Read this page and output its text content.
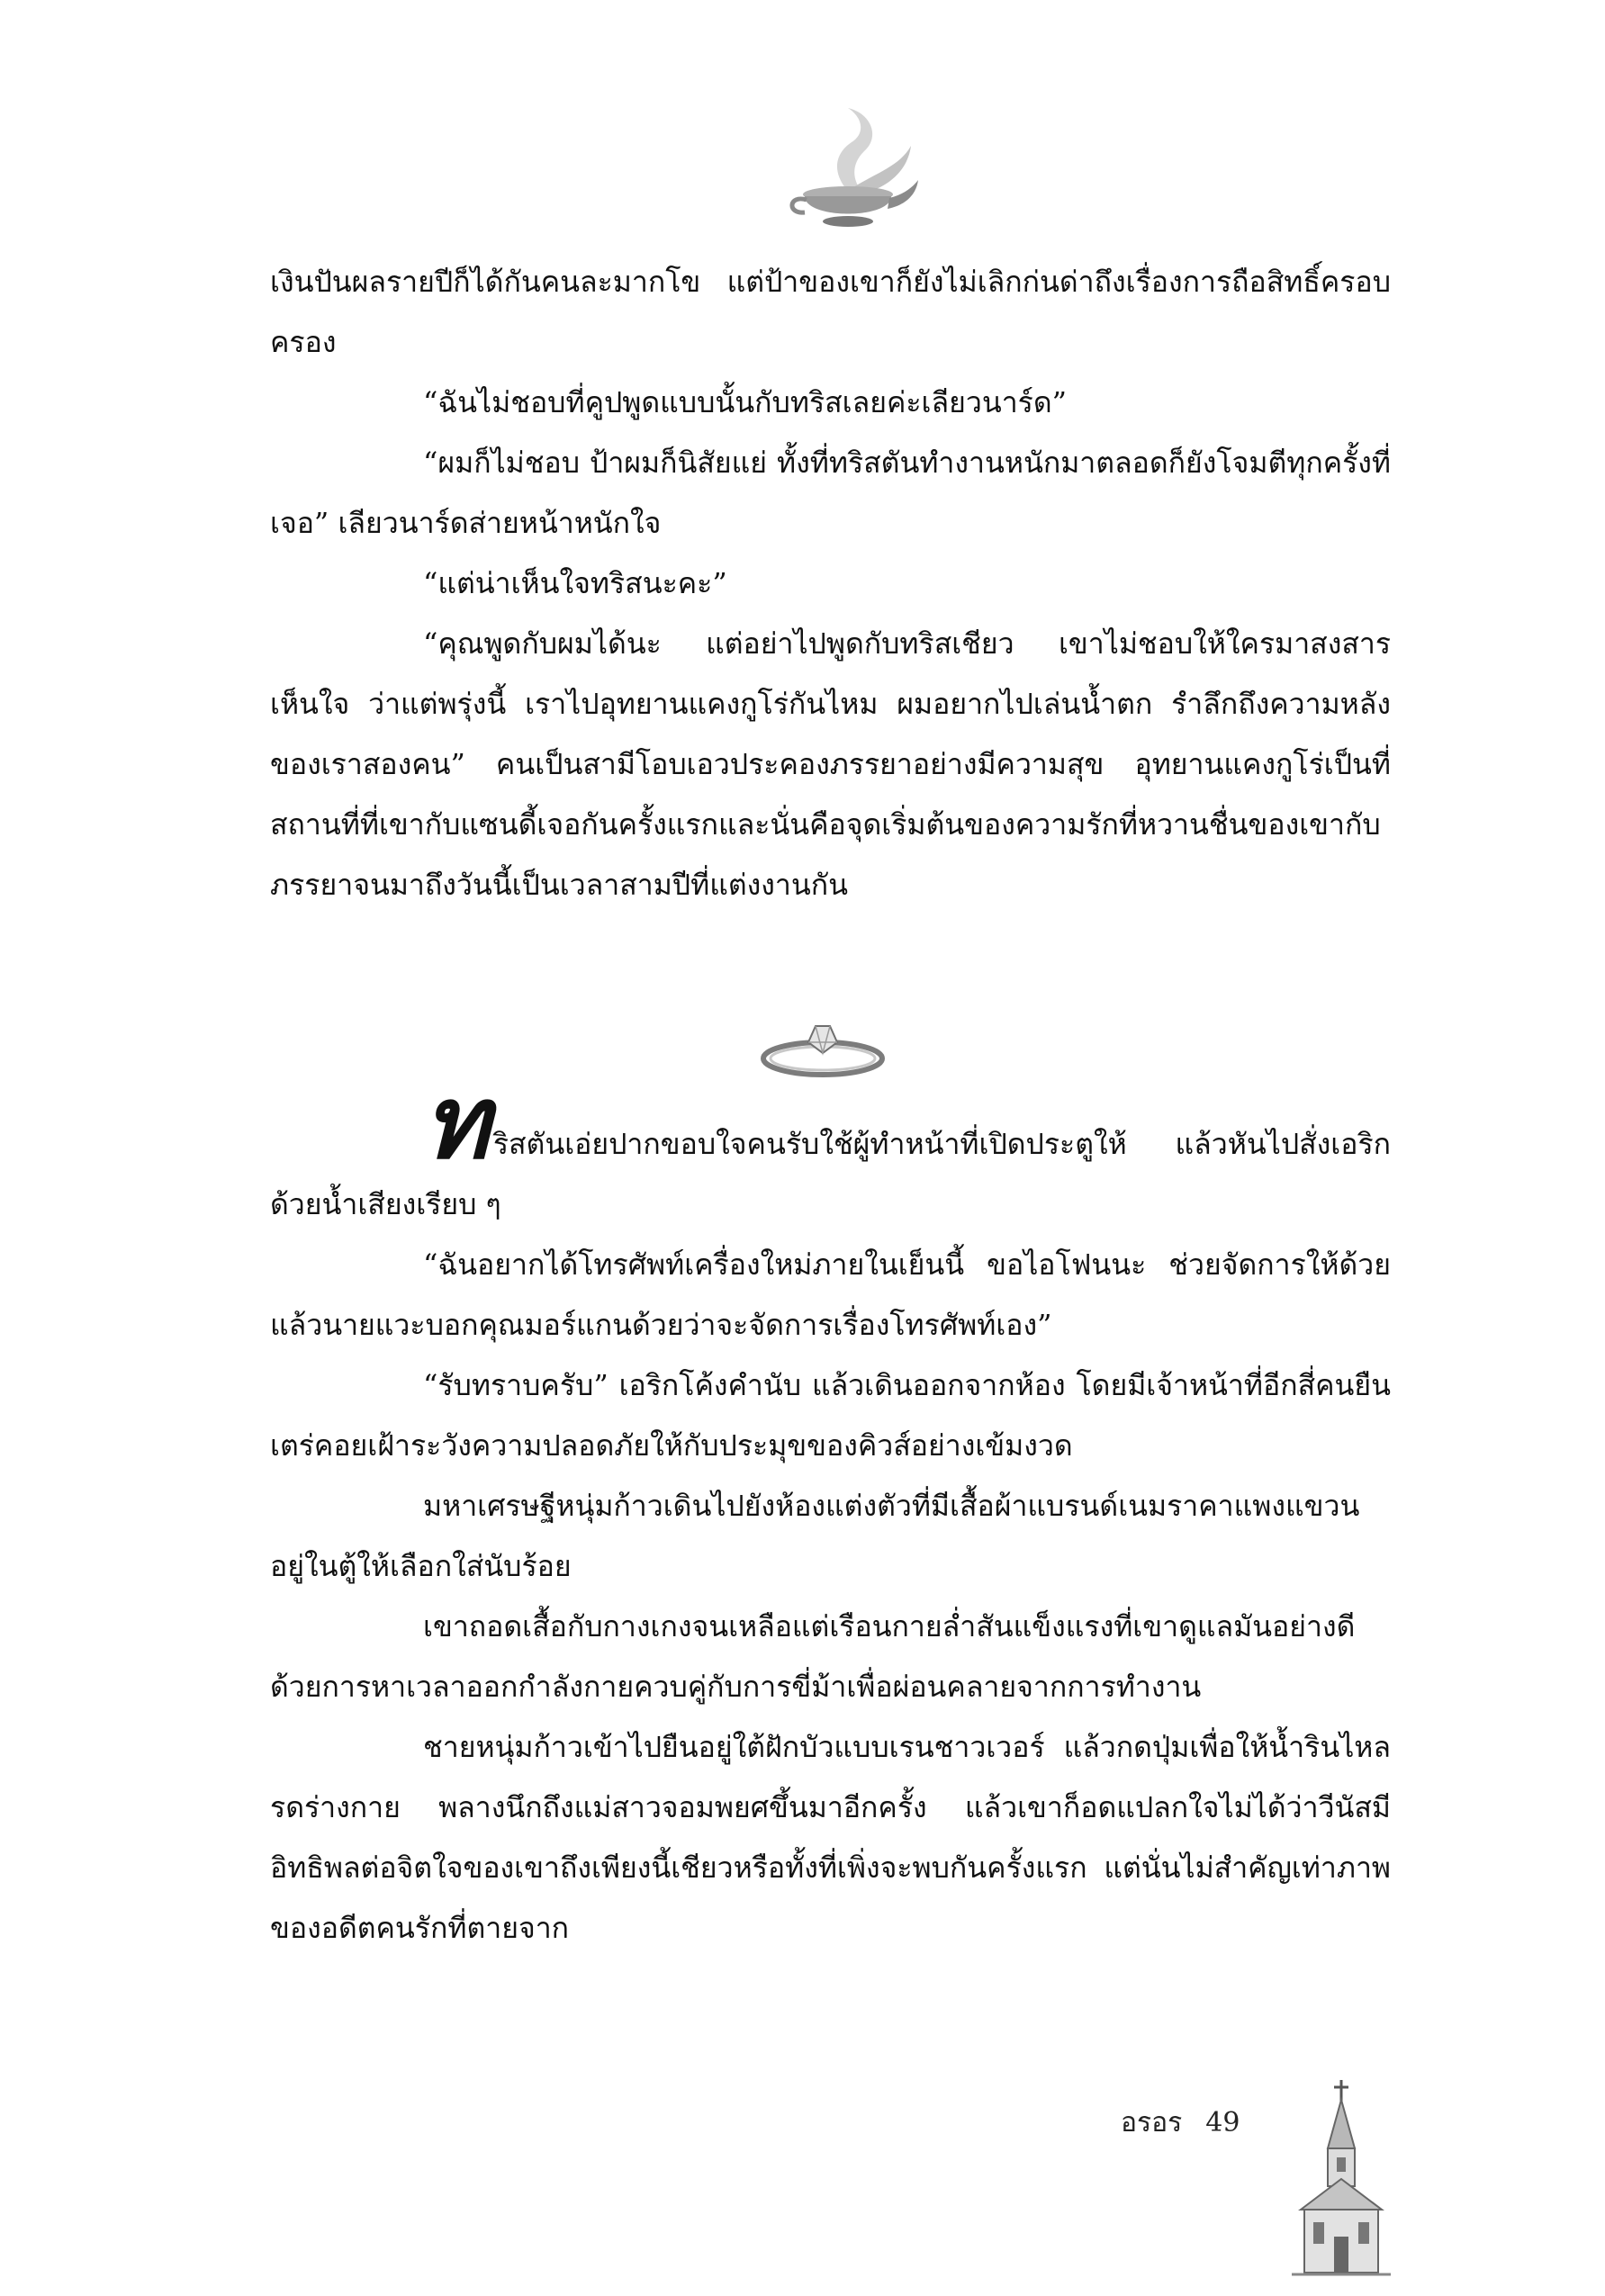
เงินปันผลรายปีก็ได้กันคนละมากโข แต่ป้าของเขาก็ยังไม่เลิกก่นด่าถึงเรื่องการถือสิทธิ์ครอบครอง

“ฉันไม่ชอบที่คูปพูดแบบนั้นกับทริสเลยค่ะเลียวนาร์ด”

“ผมก็ไม่ชอบ ป้าผมก็นิสัยแย่ ทั้งที่ทริสตันทำงานหนักมาตลอดก็ยังโจมตีทุกครั้งที่เจอ” เลียวนาร์ดส่ายหน้าหนักใจ

“แต่น่าเห็นใจทริสนะคะ”

“คุณพูดกับผมได้นะ แต่อย่าไปพูดกับทริสเชียว เขาไม่ชอบให้ใครมาสงสารเห็นใจ ว่าแต่พรุ่งนี้ เราไปอุทยานแคงกูโร่กันไหม ผมอยากไปเล่นน้ำตก รำลึกถึงความหลังของเราสองคน” คนเป็นสามีโอบเอวประคองภรรยาอย่างมีความสุข อุทยานแคงกูโร่เป็นที่สถานที่ที่เขากับแซนดี้เจอกันครั้งแรกและนั่นคือจุดเริ่มต้นของความรักที่หวานชื่นของเขากับภรรยาจนมาถึงวันนี้เป็นเวลาสามปีที่แต่งงานกัน

ทริสตันเอ่ยปากขอบใจคนรับใช้ผู้ทำหน้าที่เปิดประตูให้ แล้วหันไปสั่งเอริกด้วยน้ำเสียงเรียบ ๆ

“ฉันอยากได้โทรศัพท์เครื่องใหม่ภายในเย็นนี้ ขอไอโฟนนะ ช่วยจัดการให้ด้วย แล้วนายแวะบอกคุณมอร์แกนด้วยว่าจะจัดการเรื่องโทรศัพท์เอง”

“รับทราบครับ” เอริกโค้งคำนับ แล้วเดินออกจากห้อง โดยมีเจ้าหน้าที่อีกสี่คนยืนเตร่คอยเฝ้าระวังความปลอดภัยให้กับประมุขของคิวส์อย่างเข้มงวด

มหาเศรษฐีหนุ่มก้าวเดินไปยังห้องแต่งตัวที่มีเสื้อผ้าแบรนด์เนมราคาแพงแขวนอยู่ในตู้ให้เลือกใส่นับร้อย

เขาถอดเสื้อกับกางเกงจนเหลือแต่เรือนกายล่ำสันแข็งแรงที่เขาดูแลมันอย่างดี ด้วยการหาเวลาออกกำลังกายควบคู่กับการขี่ม้าเพื่อผ่อนคลายจากการทำงาน

ชายหนุ่มก้าวเข้าไปยืนอยู่ใต้ฝักบัวแบบเรนชาวเวอร์ แล้วกดปุ่มเพื่อให้น้ำรินไหลรดร่างกาย พลางนึกถึงแม่สาวจอมพยศขึ้นมาอีกครั้ง แล้วเขาก็อดแปลกใจไม่ได้ว่าวีนัสมีอิทธิพลต่อจิตใจของเขาถึงเพียงนี้เชียวหรือทั้งที่เพิ่งจะพบกันครั้งแรก แต่นั่นไม่สำคัญเท่าภาพของอดีตคนรักที่ตายจาก

อรอร 49
